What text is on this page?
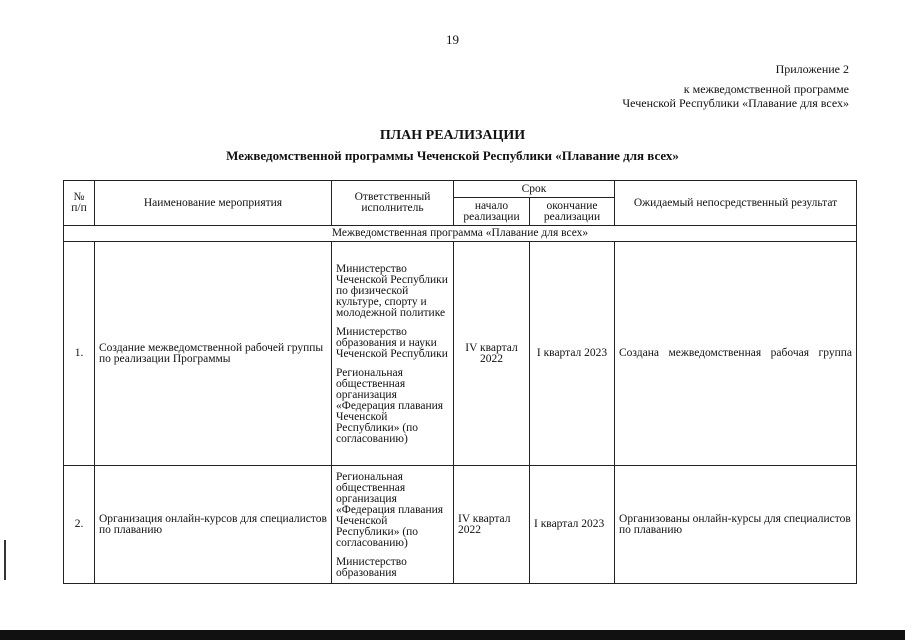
19
Приложение 2
к межведомственной программе
Чеченской Республики «Плавание для всех»
ПЛАН РЕАЛИЗАЦИИ
Межведомственной программы Чеченской Республики «Плавание для всех»
№ п/п	Наименование мероприятия	Ответственный исполнитель	Срок		Ожидаемый непосредственный результат
			начало реализации	окончание реализации	
Межведомственная программа «Плавание для всех»					
1.	Создание межведомственной рабочей группы по реализации Программы	Министерство Чеченской Республики по физической культуре, спорту и молодежной политике
Министерство образования и науки Чеченской Республики
Региональная общественная организация «Федерация плавания Чеченской Республики» (по согласованию)	IV квартал 2022	I квартал 2023	Создана межведомственная рабочая группа
2.	Организация онлайн-курсов для специалистов по плаванию	Региональная общественная организация «Федерация плавания Чеченской Республики» (по согласованию)
Министерство образования	IV квартал 2022	I квартал 2023	Организованы онлайн-курсы для специалистов по плаванию
